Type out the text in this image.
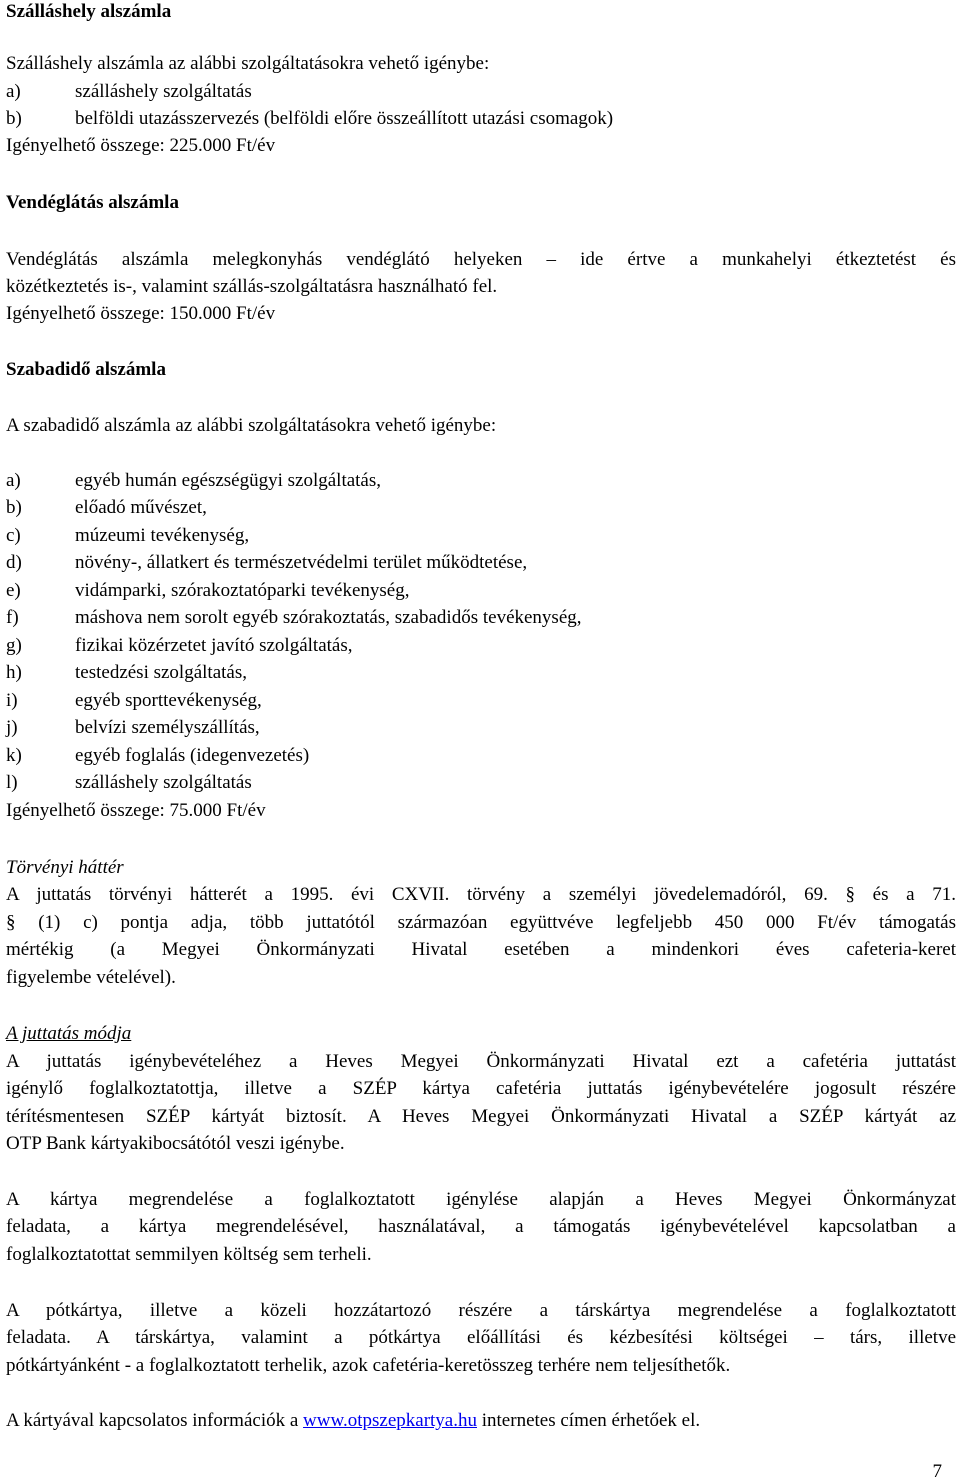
Szálláshely alszámla
Szálláshely alszámla az alábbi szolgáltatásokra vehető igénybe:
a)	szálláshely szolgáltatás
b)	belföldi utazásszervezés (belföldi előre összeállított utazási csomagok)
Igényelhető összege: 225.000 Ft/év
Vendéglátás alszámla
Vendéglátás alszámla melegkonyhás vendéglátó helyeken – ide értve a munkahelyi étkeztetést és
közétkeztetés is-, valamint szállás-szolgáltatásra használható fel.
Igényelhető összege: 150.000 Ft/év
Szabadidő alszámla
A szabadidő alszámla az alábbi szolgáltatásokra vehető igénybe:
a)	egyéb humán egészségügyi szolgáltatás,
b)	előadó művészet,
c)	múzeumi tevékenység,
d)	növény-, állatkert és természetvédelmi terület működtetése,
e)	vidámparki, szórakoztatóparki tevékenység,
f)	máshova nem sorolt egyéb szórakoztatás, szabadidős tevékenység,
g)	fizikai közérzetet javító szolgáltatás,
h)	testedzési szolgáltatás,
i)	egyéb sporttevékenység,
j)	belvízi személyszállítás,
k)	egyéb foglalás (idegenvezetés)
l)	szálláshely szolgáltatás
Igényelhető összege: 75.000 Ft/év
Törvényi háttér
A juttatás törvényi hátterét a 1995. évi CXVII. törvény a személyi jövedelemadóról, 69. § és a 71.
§ (1) c) pontja adja, több juttatótól származóan együttvéve legfeljebb 450 000 Ft/év támogatás
mértékig (a Megyei Önkormányzati Hivatal esetében a mindenkori éves cafeteria-keret
figyelembe vételével).
A juttatás módja
A juttatás igénybevételéhez a Heves Megyei Önkormányzati Hivatal ezt a cafetéria juttatást
igénylő foglalkoztatottja, illetve a SZÉP kártya cafetéria juttatás igénybevételére jogosult részére
térítésmentesen SZÉP kártyát biztosít. A Heves Megyei Önkormányzati Hivatal a SZÉP kártyát az
OTP Bank kártyakibocsátótól veszi igénybe.
A kártya megrendelése a foglalkoztatott igénylése alapján a Heves Megyei Önkormányzat
feladata, a kártya megrendelésével, használatával, a támogatás igénybevételével kapcsolatban a
foglalkoztatottat semmilyen költség sem terheli.
A pótkártya, illetve a közeli hozzátartozó részére a társkártya megrendelése a foglalkoztatott
feladata. A társkártya, valamint a pótkártya előállítási és kézbesítési költségei – társ, illetve
pótkártyánként - a foglalkoztatott terhelik, azok cafetéria-keretösszeg terhére nem teljesíthetők.
A kártyával kapcsolatos információk a www.otpszepkartya.hu internetes címen érhetőek el.
7
